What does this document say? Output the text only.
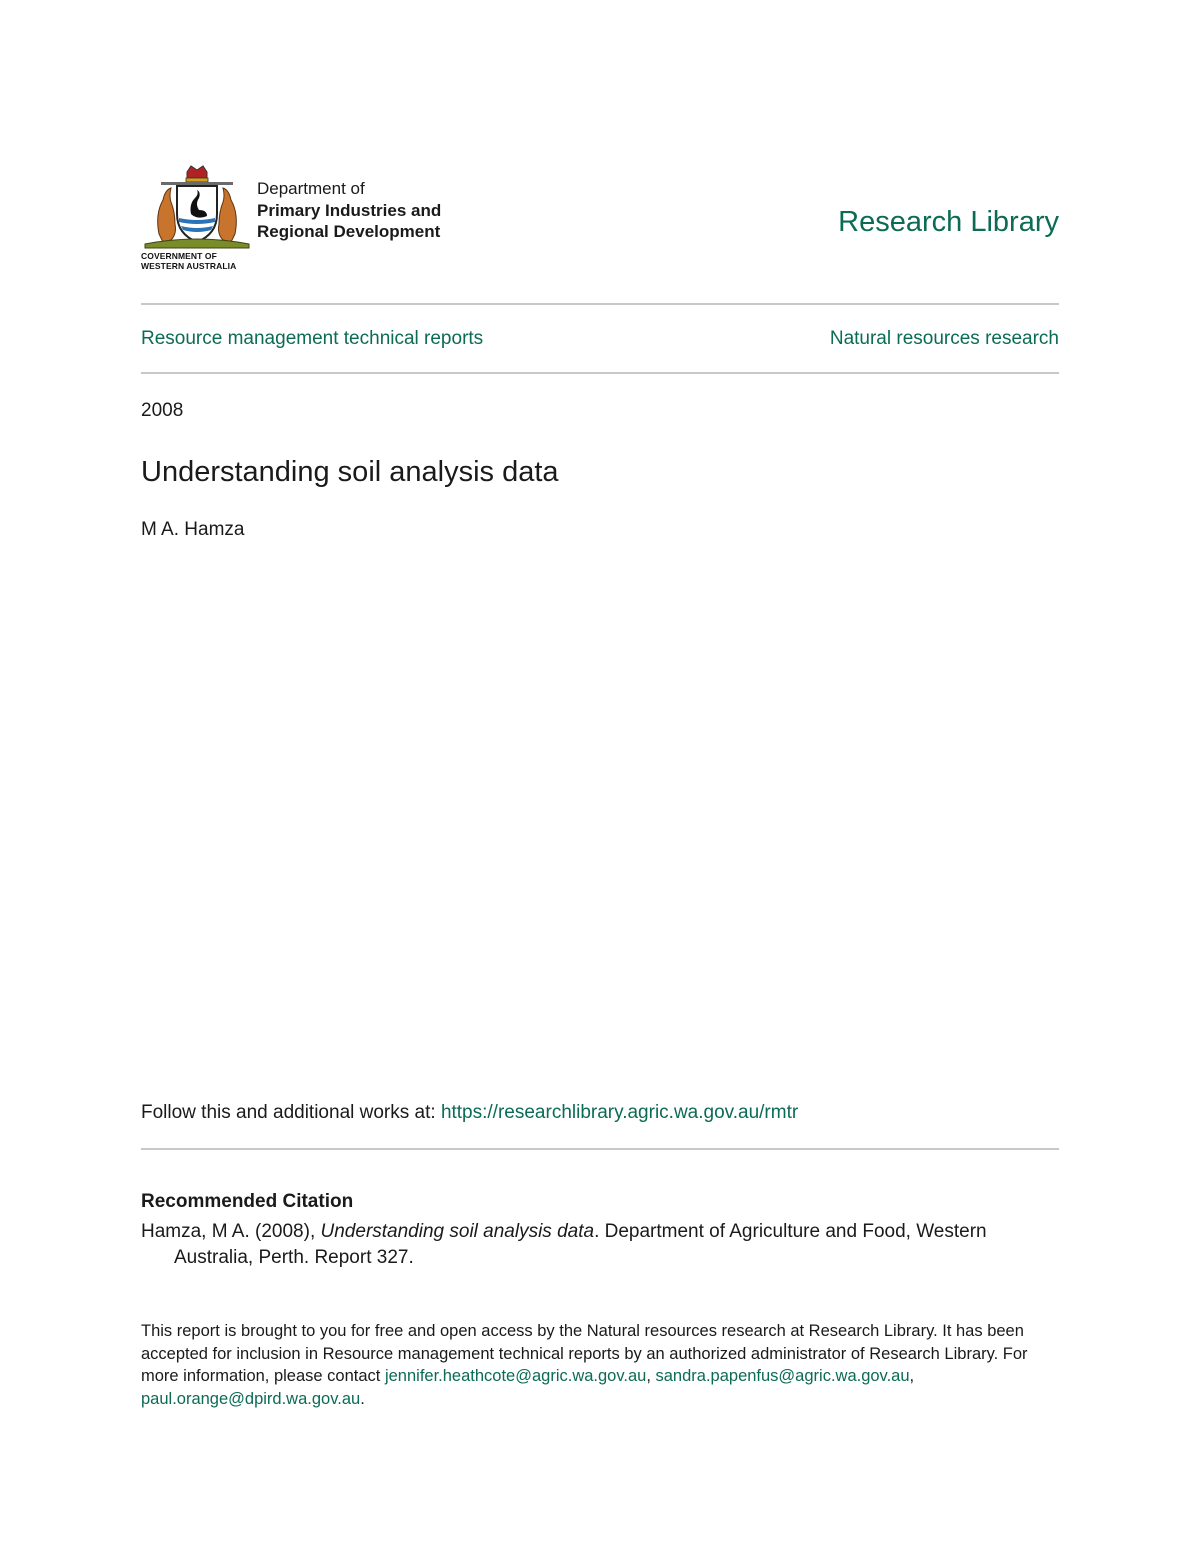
COVERNMENT OF
WESTERN AUSTRALIA
Department of
Primary Industries and
Regional Development	Research Library
Resource management technical reports	Natural resources research
2008
Understanding soil analysis data
M A. Hamza
Follow this and additional works at: https://researchlibrary.agric.wa.gov.au/rmtr
Recommended Citation
Hamza, M A. (2008), Understanding soil analysis data. Department of Agriculture and Food, Western Australia, Perth. Report 327.
This report is brought to you for free and open access by the Natural resources research at Research Library. It has been accepted for inclusion in Resource management technical reports by an authorized administrator of Research Library. For more information, please contact jennifer.heathcote@agric.wa.gov.au, sandra.papenfus@agric.wa.gov.au, paul.orange@dpird.wa.gov.au.
